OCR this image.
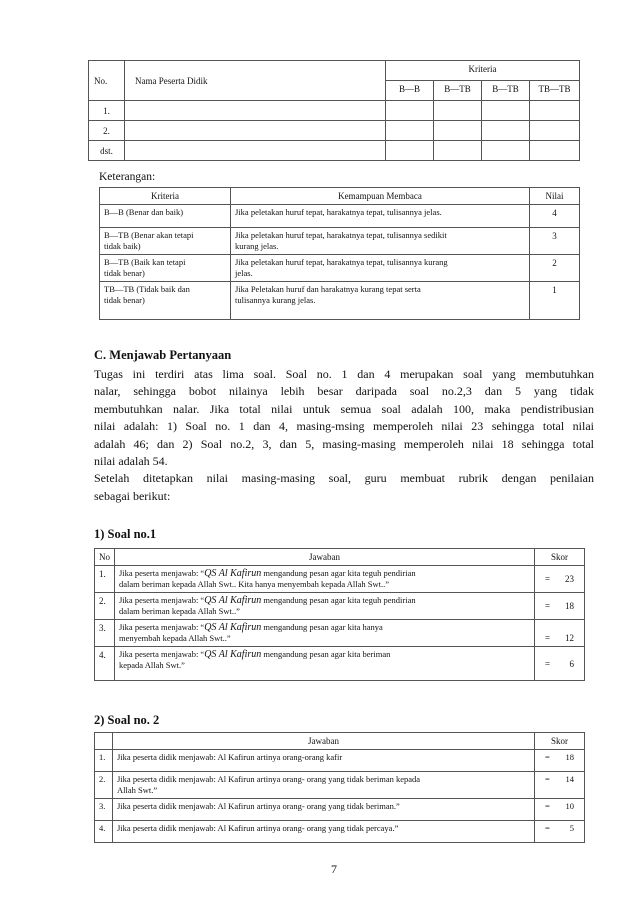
No.	Nama Peserta Didik	Kriteria			
		B—B	B—TB	B—TB	TB—TB
1.					
2.					
dst.					
Keterangan:
Kriteria	Kemampuan Membaca	Nilai
B—B (Benar dan baik)	Jika peletakan huruf tepat, harakatnya tepat, tulisannya jelas.	4
B—TB (Benar akan tetapi
tidak baik)	Jika peletakan huruf tepat, harakatnya tepat, tulisannya sedikit
kurang jelas.	3
B—TB (Baik kan tetapi
tidak benar)	Jika peletakan huruf tepat, harakatnya tepat, tulisannya kurang
jelas.	2
TB—TB (Tidak baik dan
tidak benar)	Jika Peletakan huruf dan harakatnya kurang tepat serta
tulisannya kurang jelas.	1
C. Menjawab Pertanyaan
Tugas ini terdiri atas lima soal. Soal no. 1 dan 4 merupakan soal yang membutuhkan
nalar, sehingga bobot nilainya lebih besar daripada soal no.2,3 dan 5 yang tidak
membutuhkan nalar. Jika total nilai untuk semua soal adalah 100, maka pendistribusian
nilai adalah: 1) Soal no. 1 dan 4, masing-msing memperoleh nilai 23 sehingga total nilai
adalah 46; dan 2) Soal no.2, 3, dan 5, masing-masing memperoleh nilai 18 sehingga total
nilai adalah 54.
Setelah ditetapkan nilai masing-masing soal, guru membuat rubrik dengan penilaian
sebagai berikut:
1) Soal no.1
No	Jawaban	Skor
1.	Jika peserta menjawab: “QS Al Kafirun mengandung pesan agar kita teguh pendirian
dalam beriman kepada Allah Swt.. Kita hanya menyembah kepada Allah Swt..”	= 23

2.	Jika peserta menjawab: “QS Al Kafirun mengandung pesan agar kita teguh pendirian
dalam beriman kepada Allah Swt..”	= 18

3.	Jika peserta menjawab: “QS Al Kafirun mengandung pesan agar kita hanya
menyembah kepada Allah Swt..”	= 12

4.	Jika peserta menjawab: “QS Al Kafirun mengandung pesan agar kita beriman
kepada Allah Swt.”	= 6
2) Soal no. 2
	Jawaban	Skor
1.	Jika peserta didik menjawab: Al Kafirun artinya orang-orang kafir	= 18

2.	Jika peserta didik menjawab: Al Kafirun artinya orang- orang yang tidak beriman kepada
Allah Swt.”	= 14

3.	Jika peserta didik menjawab: Al Kafirun artinya orang- orang yang tidak beriman.”	= 10

4.	Jika peserta didik menjawab: Al Kafirun artinya orang- orang yang tidak percaya.”	= 5
7
